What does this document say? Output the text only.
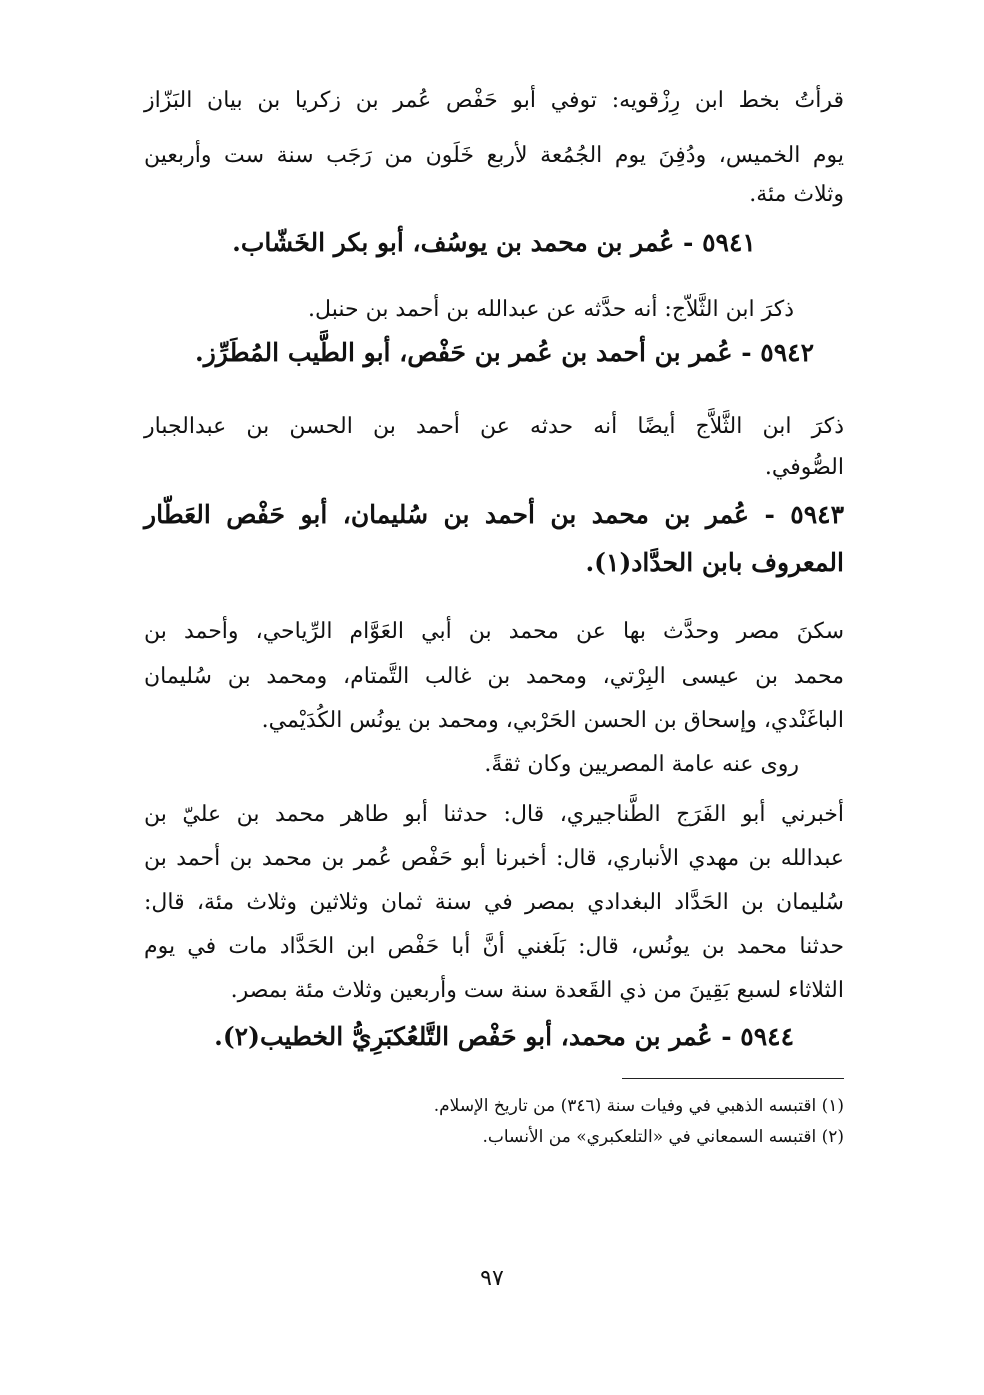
قرأتُ بخط ابن رِزْقويه: توفي أبو حَفْص عُمر بن زكريا بن بيان البَزّاز
يوم الخميس، ودُفِنَ يوم الجُمُعة لأربع خَلَون من رَجَب سنة ست وأربعين
وثلاث مئة.
٥٩٤١ - عُمر بن محمد بن يوسُف، أبو بكر الخَشّاب.
ذكرَ ابن الثَّلاّج: أنه حدَّثه عن عبدالله بن أحمد بن حنبل.
٥٩٤٢ - عُمر بن أحمد بن عُمر بن حَفْص، أبو الطَّيب المُطَرِّز.
ذكرَ ابن الثَّلاَّج أيضًا أنه حدثه عن أحمد بن الحسن بن عبدالجبار
الصُّوفي.
٥٩٤٣ - عُمر بن محمد بن أحمد بن سُليمان، أبو حَفْص العَطّار
المعروف بابن الحدَّاد(١).
سكنَ مصر وحدَّث بها عن محمد بن أبي العَوَّام الرِّياحي، وأحمد بن
محمد بن عيسى البِرْتي، ومحمد بن غالب التَّمتام، ومحمد بن سُليمان
الباغَنْدي، وإسحاق بن الحسن الحَرْبي، ومحمد بن يونُس الكُدَيْمي.
روى عنه عامة المصريين وكان ثقةً.
أخبرني أبو الفَرَج الطَّناجيري، قال: حدثنا أبو طاهر محمد بن عليّ بن
عبدالله بن مهدي الأنباري، قال: أخبرنا أبو حَفْص عُمر بن محمد بن أحمد بن
سُليمان بن الحَدَّاد البغدادي بمصر في سنة ثمان وثلاثين وثلاث مئة، قال:
حدثنا محمد بن يونُس، قال: بَلَغني أنَّ أبا حَفْص ابن الحَدَّاد مات في يوم
الثلاثاء لسبع بَقِينَ من ذي القَعدة سنة ست وأربعين وثلاث مئة بمصر.
٥٩٤٤ - عُمر بن محمد، أبو حَفْص التَّلعُكبَرِيُّ الخطيب(٢).
(١) اقتبسه الذهبي في وفيات سنة (٣٤٦) من تاريخ الإسلام.
(٢) اقتبسه السمعاني في «التلعكبري» من الأنساب.
٩٧
